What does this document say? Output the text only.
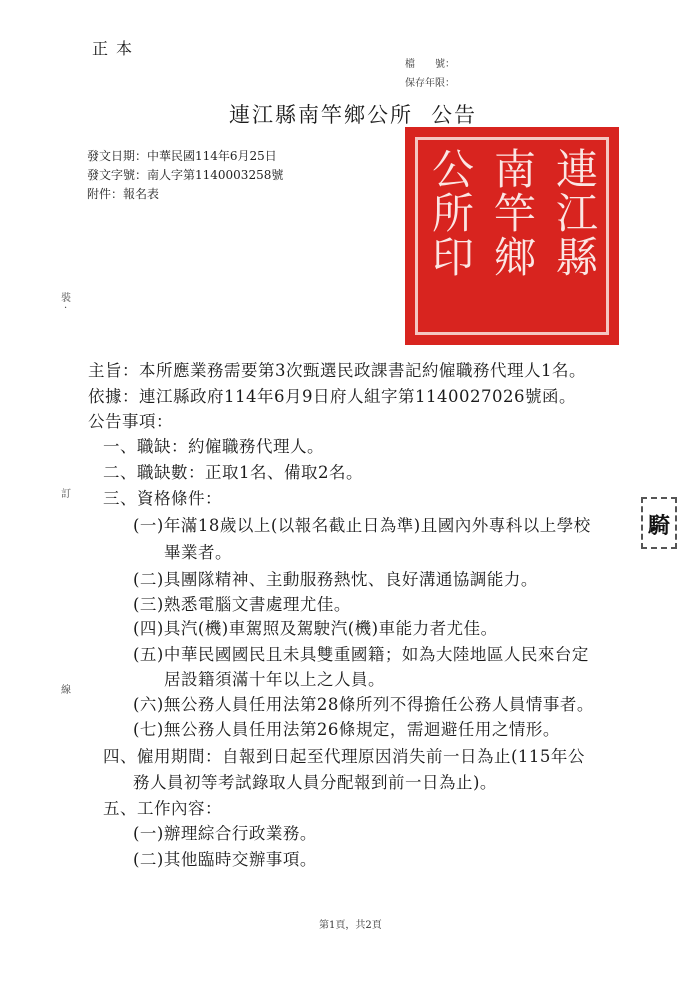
正本
檔　　號：
保存年限：
連江縣南竿鄉公所 公告
發文日期：中華民國114年6月25日
發文字號：南人字第1140003258號
附件：報名表
裝
·
訂
線
連江縣
南竿鄉
公所印
騎
主旨：本所應業務需要第3次甄選民政課書記約僱職務代理人1名。
依據：連江縣政府114年6月9日府人組字第1140027026號函。
公告事項：
一、職缺：約僱職務代理人。
二、職缺數：正取1名、備取2名。
三、資格條件：
(一)年滿18歲以上(以報名截止日為準)且國內外專科以上學校
畢業者。
(二)具團隊精神、主動服務熱忱、良好溝通協調能力。
(三)熟悉電腦文書處理尤佳。
(四)具汽(機)車駕照及駕駛汽(機)車能力者尤佳。
(五)中華民國國民且未具雙重國籍；如為大陸地區人民來台定
居設籍須滿十年以上之人員。
(六)無公務人員任用法第28條所列不得擔任公務人員情事者。
(七)無公務人員任用法第26條規定，需迴避任用之情形。
四、僱用期間：自報到日起至代理原因消失前一日為止(115年公
務人員初等考試錄取人員分配報到前一日為止)。
五、工作內容：
(一)辦理綜合行政業務。
(二)其他臨時交辦事項。
第1頁，共2頁
